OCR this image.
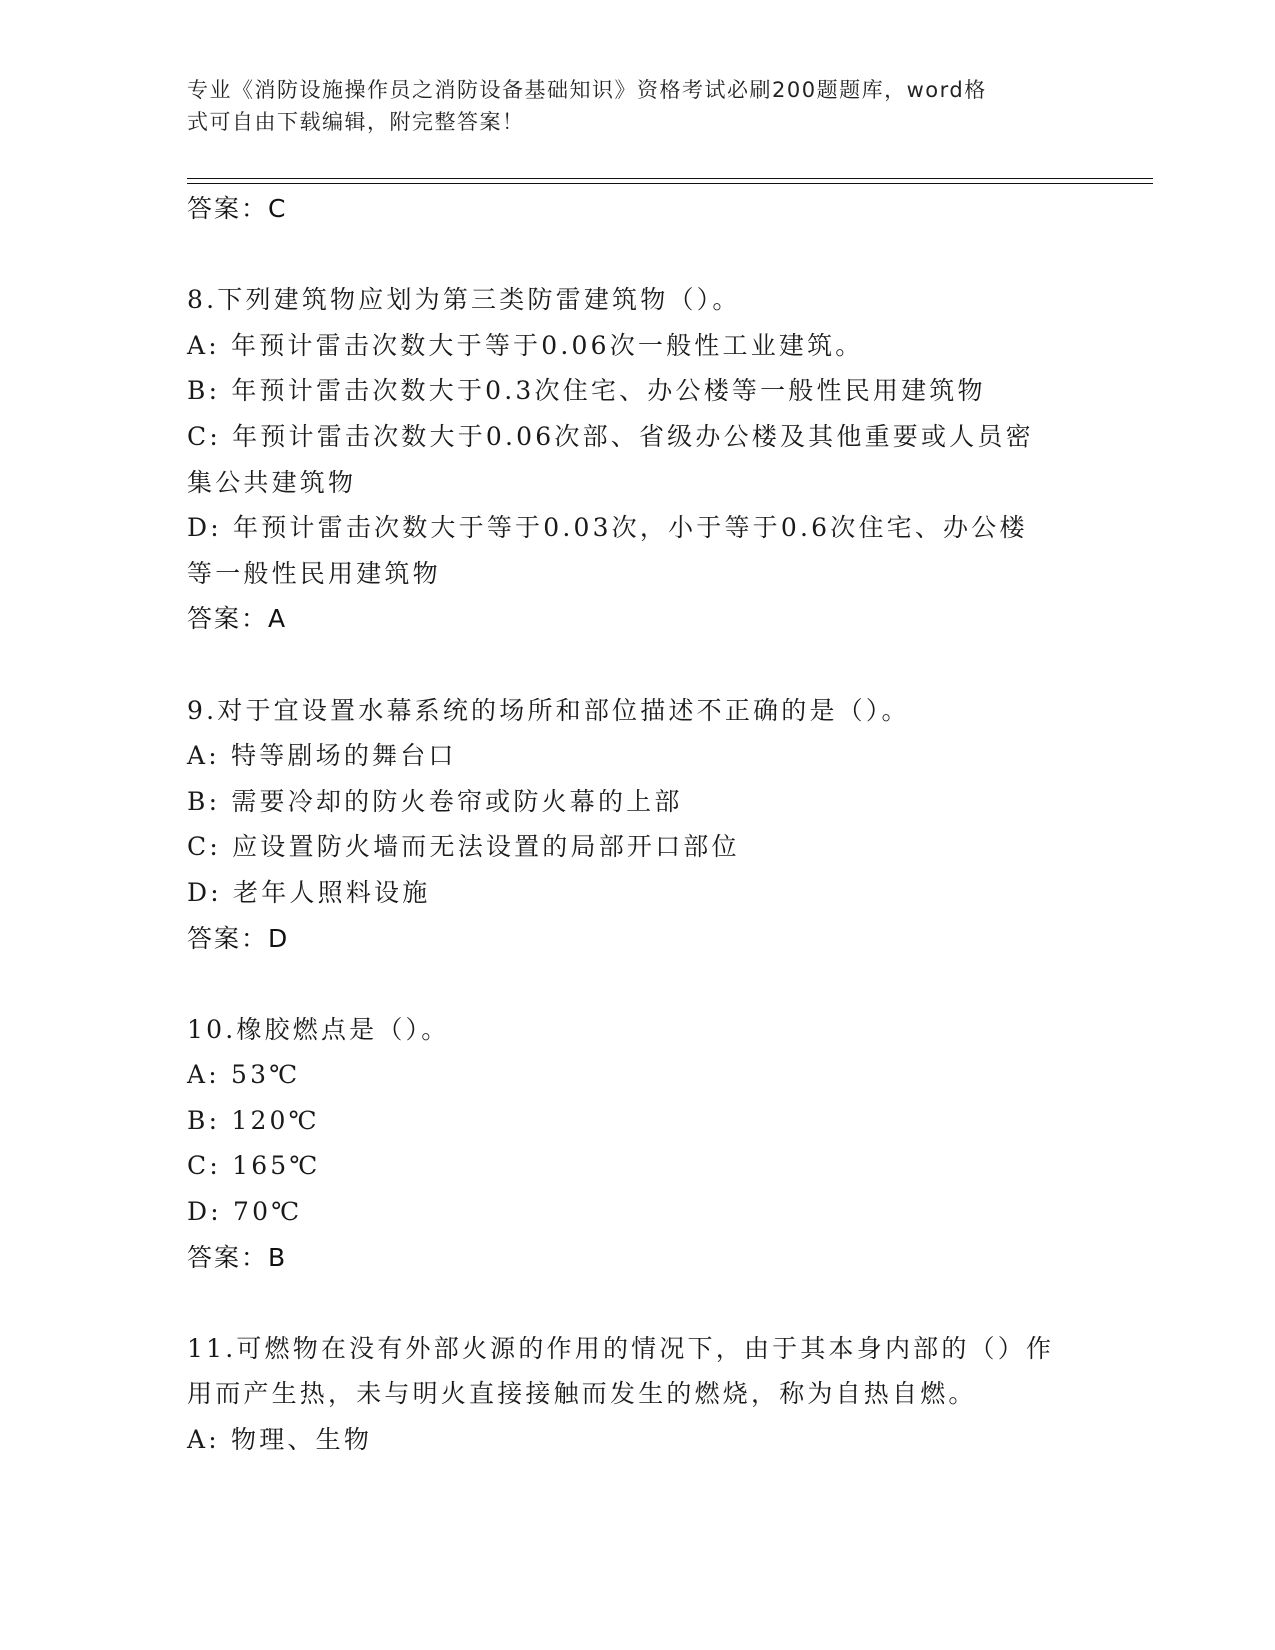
专业《消防设施操作员之消防设备基础知识》资格考试必刷200题题库，word格
式可自由下载编辑，附完整答案！
答案：C
8.下列建筑物应划为第三类防雷建筑物（）。
A: 年预计雷击次数大于等于0.06次一般性工业建筑。
B: 年预计雷击次数大于0.3次住宅、办公楼等一般性民用建筑物
C: 年预计雷击次数大于0.06次部、省级办公楼及其他重要或人员密
集公共建筑物
D: 年预计雷击次数大于等于0.03次，小于等于0.6次住宅、办公楼
等一般性民用建筑物
答案：A
9.对于宜设置水幕系统的场所和部位描述不正确的是（）。
A: 特等剧场的舞台口
B: 需要冷却的防火卷帘或防火幕的上部
C: 应设置防火墙而无法设置的局部开口部位
D: 老年人照料设施
答案：D
10.橡胶燃点是（）。
A: 53℃
B: 120℃
C: 165℃
D: 70℃
答案：B
11.可燃物在没有外部火源的作用的情况下，由于其本身内部的（）作
用而产生热，未与明火直接接触而发生的燃烧，称为自热自燃。
A: 物理、生物
